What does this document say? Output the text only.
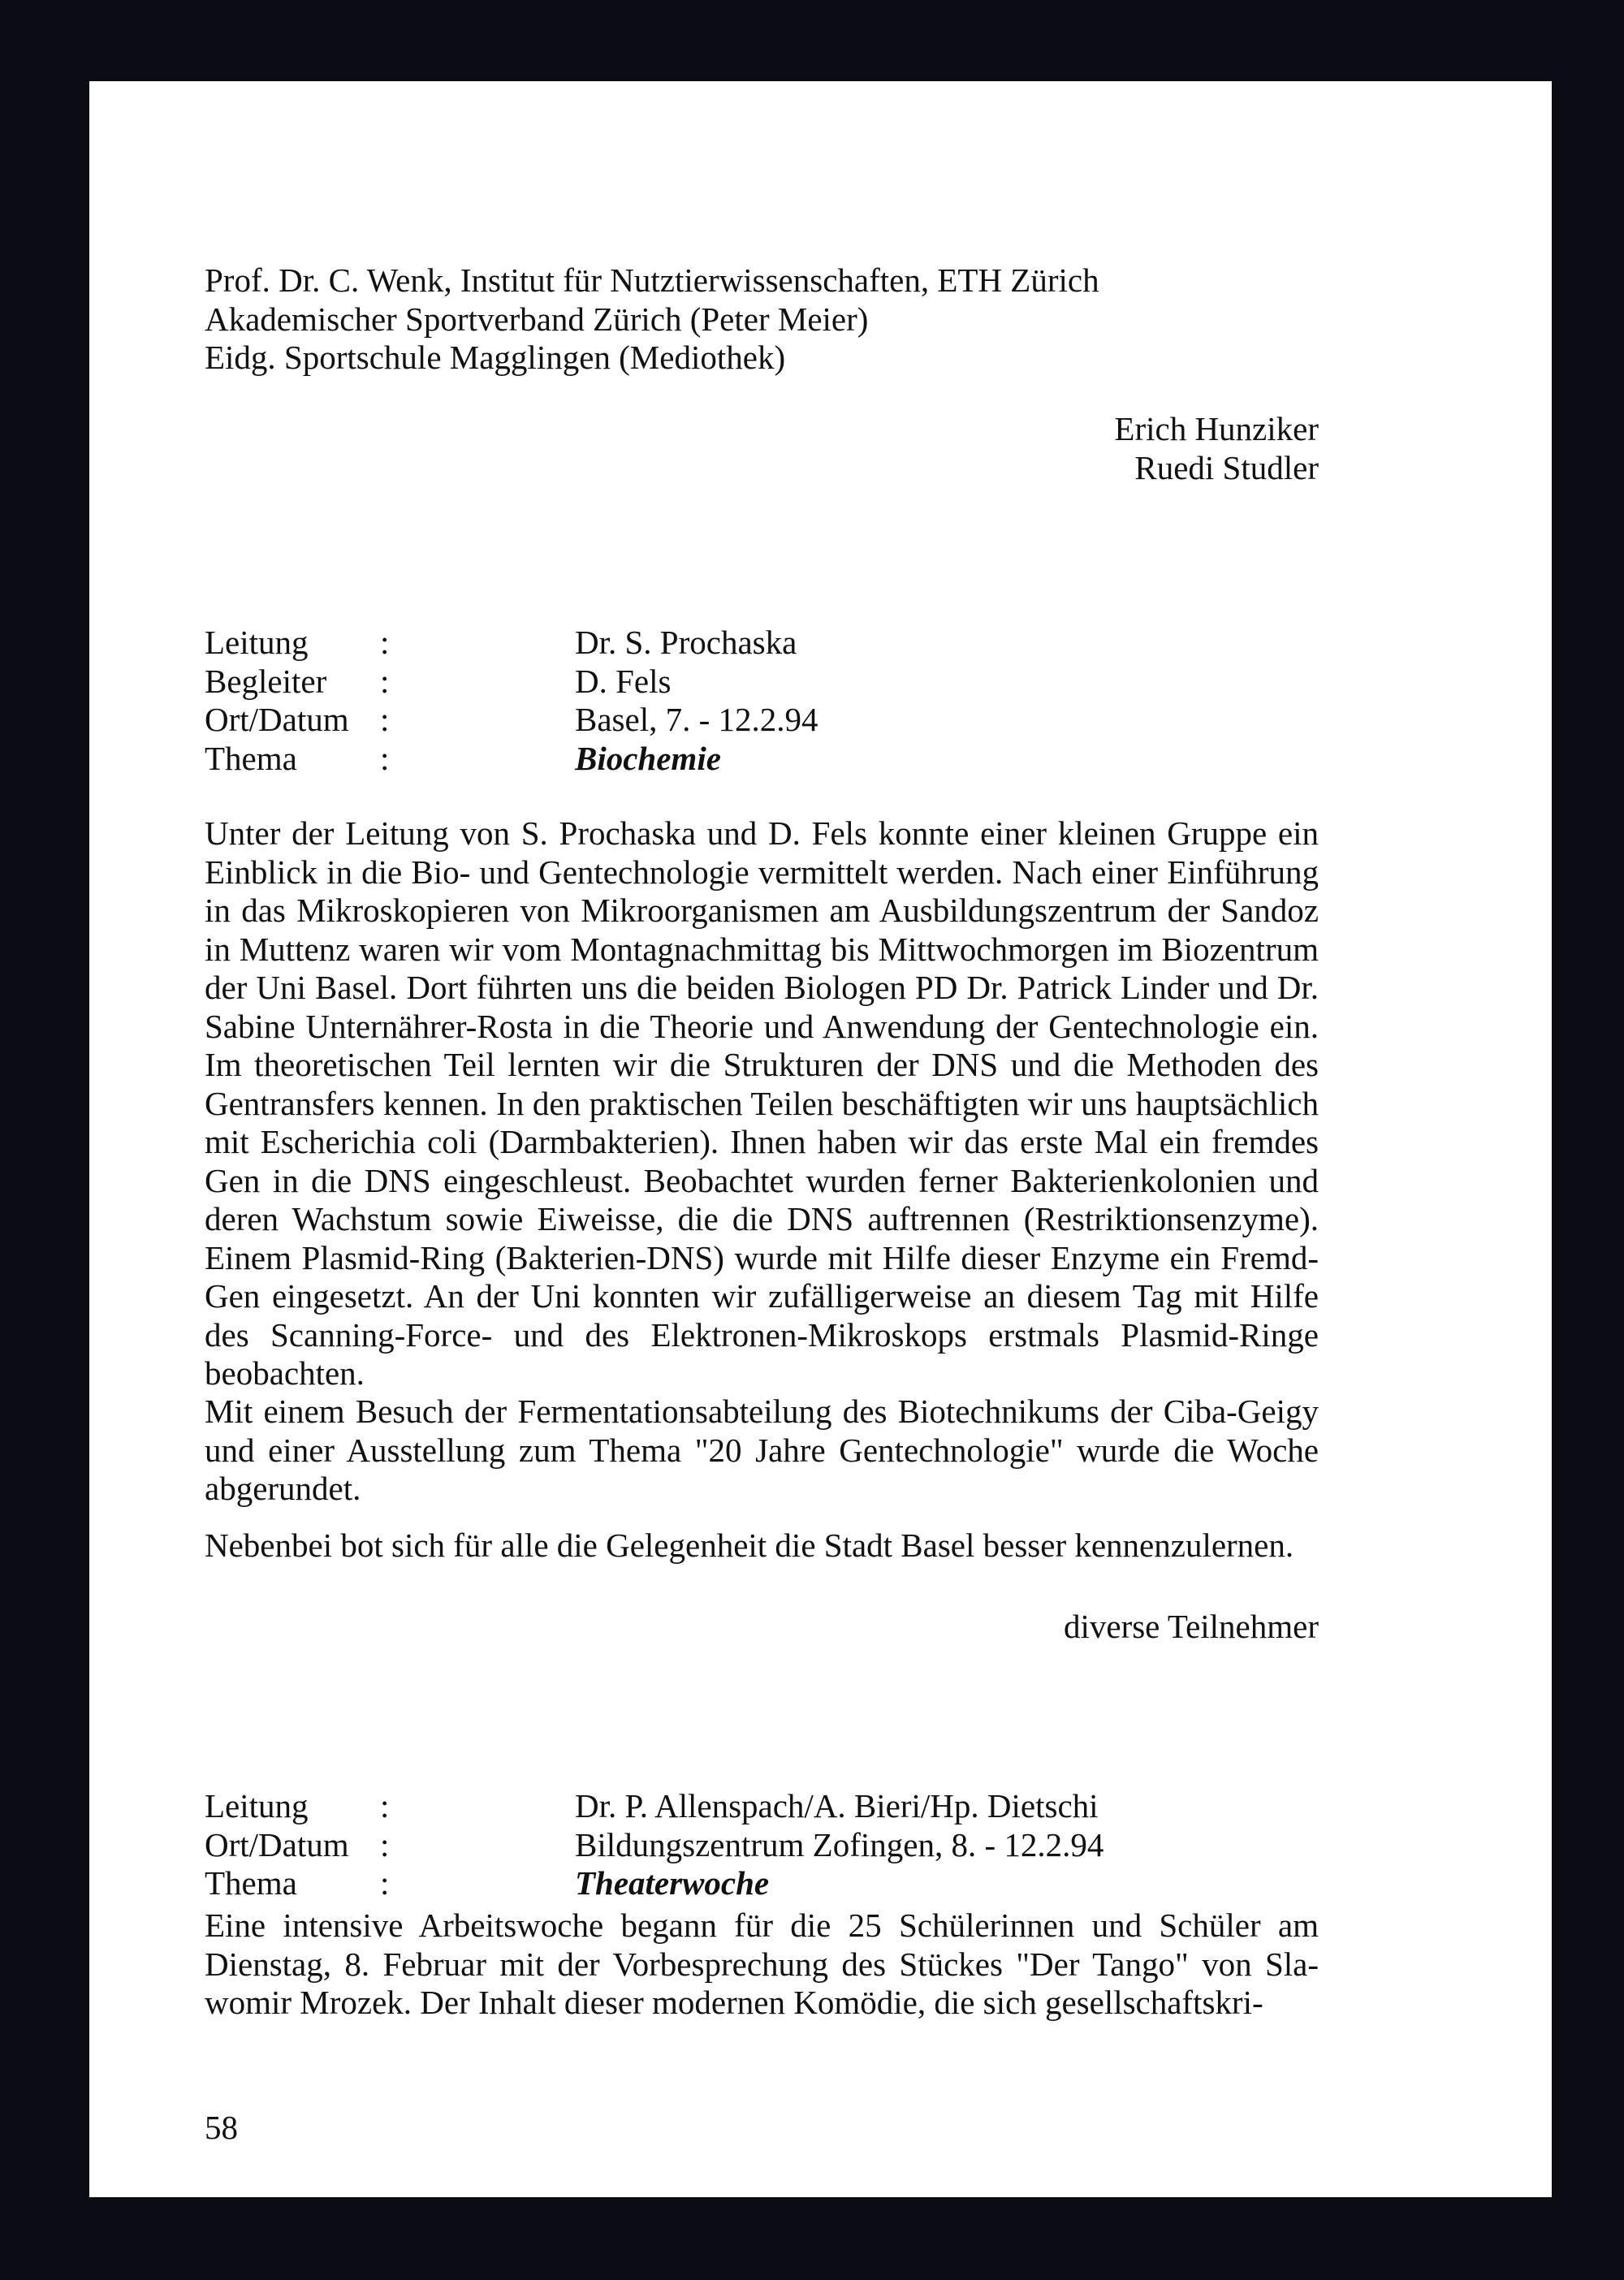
Prof. Dr. C. Wenk, Institut für Nutztierwissenschaften, ETH Zürich
Akademischer Sportverband Zürich (Peter Meier)
Eidg. Sportschule Magglingen (Mediothek)
Erich Hunziker
Ruedi Studler
Leitung :	Dr. S. Prochaska
Begleiter :	D. Fels
Ort/Datum :	Basel, 7. - 12.2.94
Thema :	Biochemie

Unter der Leitung von S. Prochaska und D. Fels konnte einer kleinen Gruppe ein Einblick in die Bio- und Gentechnologie vermittelt werden. Nach einer Einführung in das Mikroskopieren von Mikroorganismen am Ausbildungszentrum der Sandoz in Muttenz waren wir vom Montagnachmittag bis Mittwochmorgen im Biozentrum der Uni Basel. Dort führten uns die beiden Biologen PD Dr. Patrick Linder und Dr. Sabine Unternährer-Rosta in die Theorie und Anwendung der Gentechnologie ein. Im theoretischen Teil lernten wir die Strukturen der DNS und die Methoden des Gentransfers kennen. In den praktischen Teilen beschäftigten wir uns hauptsächlich mit Escherichia coli (Darmbakterien). Ihnen haben wir das erste Mal ein fremdes Gen in die DNS eingeschleust. Beobachtet wurden ferner Bakterienkolonien und deren Wachstum sowie Eiweisse, die die DNS auftrennen (Restriktionsenzyme). Einem Plasmid-Ring (Bakterien-DNS) wurde mit Hilfe dieser Enzyme ein Fremd-Gen eingesetzt. An der Uni konnten wir zufälligerweise an diesem Tag mit Hilfe des Scanning-Force- und des Elektronen-Mikroskops erstmals Plasmid-Ringe beobachten.

Mit einem Besuch der Fermentationsabteilung des Biotechnikums der Ciba-Geigy und einer Ausstellung zum Thema "20 Jahre Gentechnologie" wurde die Woche abgerundet.

Nebenbei bot sich für alle die Gelegenheit die Stadt Basel besser kennenzulernen.

diverse Teilnehmer
Leitung :	Dr. P. Allenspach/A. Bieri/Hp. Dietschi
Ort/Datum :	Bildungszentrum Zofingen, 8. - 12.2.94
Thema :	Theaterwoche

Eine intensive Arbeitswoche begann für die 25 Schülerinnen und Schüler am Dienstag, 8. Februar mit der Vorbesprechung des Stückes "Der Tango" von Slawomir Mrozek. Der Inhalt dieser modernen Komödie, die sich gesellschaftskri-

58
